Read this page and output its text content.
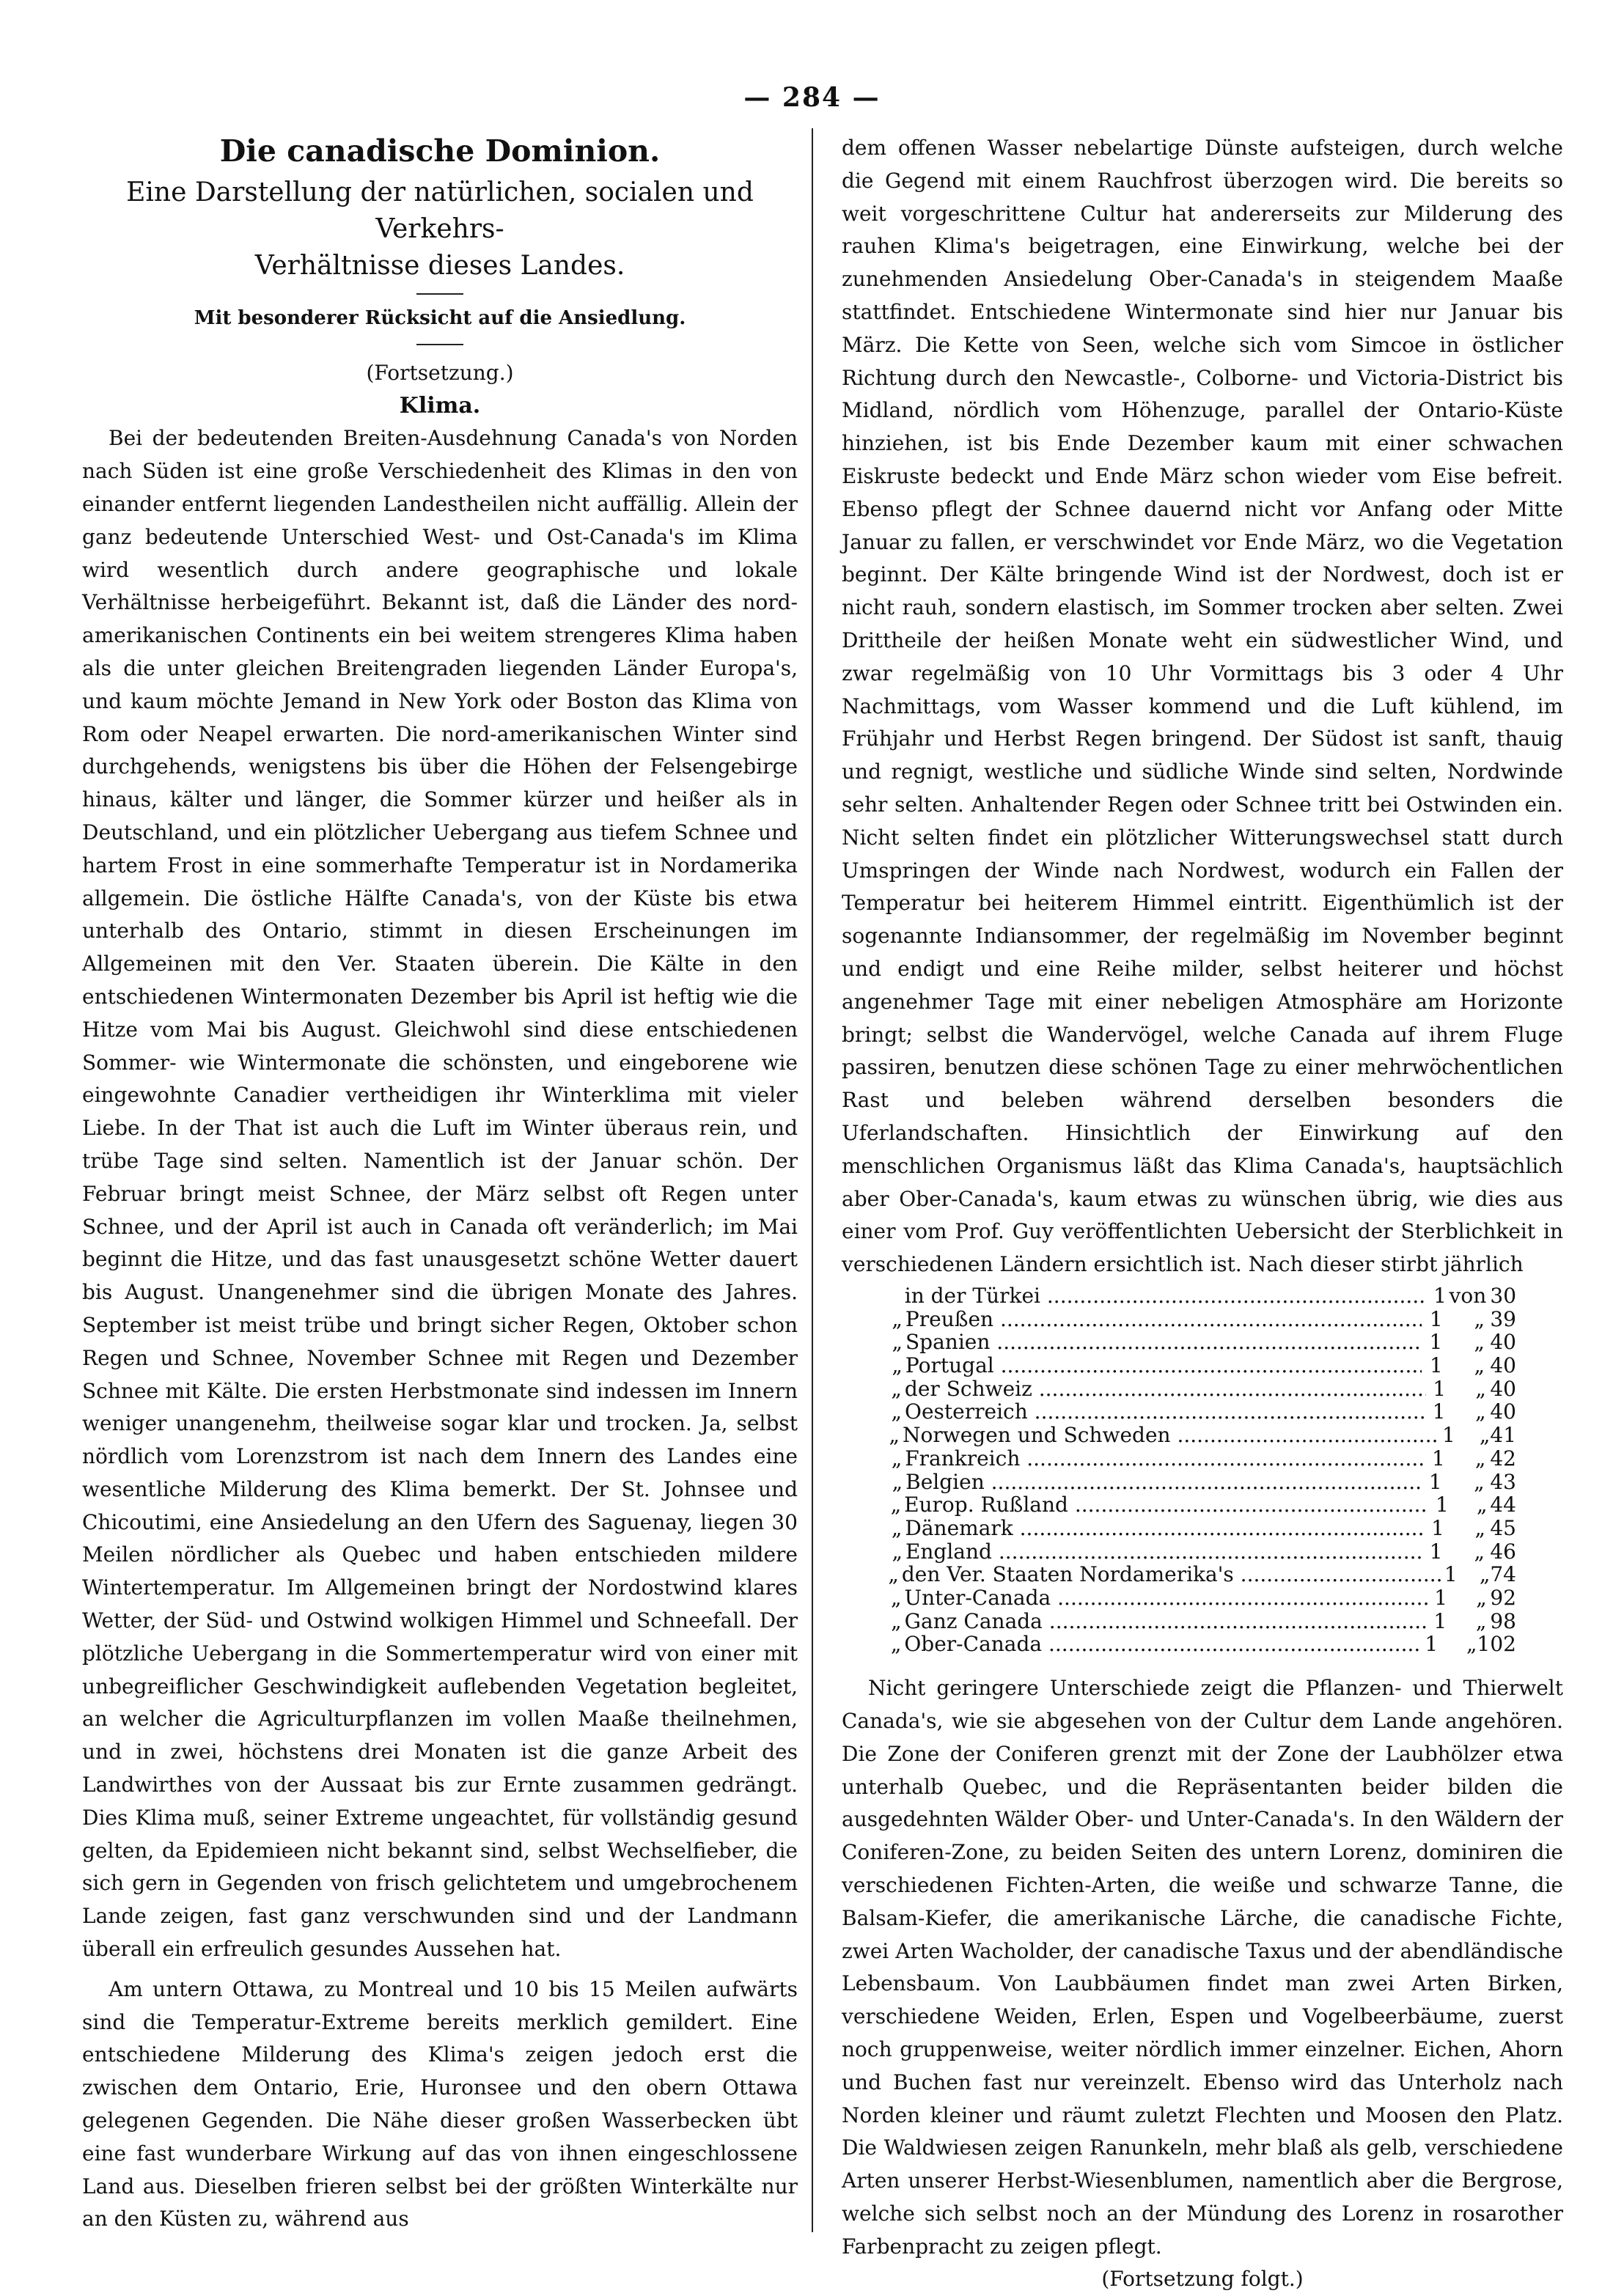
— 284 —
Die canadische Dominion.
Eine Darstellung der natürlichen, socialen und Verkehrs-
Verhältnisse dieses Landes.
Mit besonderer Rücksicht auf die Ansiedlung.
(Fortsetzung.)
Klima.

Bei der bedeutenden Breiten-Ausdehnung Canada's von Norden nach Süden ist eine große Verschiedenheit des Klimas in den von einander entfernt liegenden Landestheilen nicht auffällig. Allein der ganz bedeutende Unterschied West- und Ost-Canada's im Klima wird wesentlich durch andere geographische und lokale Verhältnisse herbeigeführt. Bekannt ist, daß die Länder des nord-amerikanischen Continents ein bei weitem strengeres Klima haben als die unter gleichen Breitengraden liegenden Länder Europa's, und kaum möchte Jemand in New York oder Boston das Klima von Rom oder Neapel erwarten. Die nord-amerikanischen Winter sind durchgehends, wenigstens bis über die Höhen der Felsengebirge hinaus, kälter und länger, die Sommer kürzer und heißer als in Deutschland, und ein plötzlicher Uebergang aus tiefem Schnee und hartem Frost in eine sommerhafte Temperatur ist in Nordamerika allgemein. Die östliche Hälfte Canada's, von der Küste bis etwa unterhalb des Ontario, stimmt in diesen Erscheinungen im Allgemeinen mit den Ver. Staaten überein. Die Kälte in den entschiedenen Wintermonaten Dezember bis April ist heftig wie die Hitze vom Mai bis August. Gleichwohl sind diese entschiedenen Sommer- wie Wintermonate die schönsten, und eingeborene wie eingewohnte Canadier vertheidigen ihr Winterklima mit vieler Liebe. In der That ist auch die Luft im Winter überaus rein, und trübe Tage sind selten. Namentlich ist der Januar schön. Der Februar bringt meist Schnee, der März selbst oft Regen unter Schnee, und der April ist auch in Canada oft veränderlich; im Mai beginnt die Hitze, und das fast unausgesetzt schöne Wetter dauert bis August. Unangenehmer sind die übrigen Monate des Jahres. September ist meist trübe und bringt sicher Regen, Oktober schon Regen und Schnee, November Schnee mit Regen und Dezember Schnee mit Kälte. Die ersten Herbstmonate sind indessen im Innern weniger unangenehm, theilweise sogar klar und trocken. Ja, selbst nördlich vom Lorenzstrom ist nach dem Innern des Landes eine wesentliche Milderung des Klima bemerkt. Der St. Johnsee und Chicoutimi, eine Ansiedelung an den Ufern des Saguenay, liegen 30 Meilen nördlicher als Quebec und haben entschieden mildere Wintertemperatur. Im Allgemeinen bringt der Nordostwind klares Wetter, der Süd- und Ostwind wolkigen Himmel und Schneefall. Der plötzliche Uebergang in die Sommertemperatur wird von einer mit unbegreiflicher Geschwindigkeit auflebenden Vegetation begleitet, an welcher die Agriculturpflanzen im vollen Maaße theilnehmen, und in zwei, höchstens drei Monaten ist die ganze Arbeit des Landwirthes von der Aussaat bis zur Ernte zusammen gedrängt. Dies Klima muß, seiner Extreme ungeachtet, für vollständig gesund gelten, da Epidemieen nicht bekannt sind, selbst Wechselfieber, die sich gern in Gegenden von frisch gelichtetem und umgebrochenem Lande zeigen, fast ganz verschwunden sind und der Landmann überall ein erfreulich gesundes Aussehen hat.

Am untern Ottawa, zu Montreal und 10 bis 15 Meilen aufwärts sind die Temperatur-Extreme bereits merklich gemildert. Eine entschiedene Milderung des Klima's zeigen jedoch erst die zwischen dem Ontario, Erie, Huronsee und den obern Ottawa gelegenen Gegenden. Die Nähe dieser großen Wasserbecken übt eine fast wunderbare Wirkung auf das von ihnen eingeschlossene Land aus. Dieselben frieren selbst bei der größten Winterkälte nur an den Küsten zu, während aus

dem offenen Wasser nebelartige Dünste aufsteigen, durch welche die Gegend mit einem Rauchfrost überzogen wird. Die bereits so weit vorgeschrittene Cultur hat andererseits zur Milderung des rauhen Klima's beigetragen, eine Einwirkung, welche bei der zunehmenden Ansiedelung Ober-Canada's in steigendem Maaße stattfindet. Entschiedene Wintermonate sind hier nur Januar bis März. Die Kette von Seen, welche sich vom Simcoe in östlicher Richtung durch den Newcastle-, Colborne- und Victoria-District bis Midland, nördlich vom Höhenzuge, parallel der Ontario-Küste hinziehen, ist bis Ende Dezember kaum mit einer schwachen Eiskruste bedeckt und Ende März schon wieder vom Eise befreit. Ebenso pflegt der Schnee dauernd nicht vor Anfang oder Mitte Januar zu fallen, er verschwindet vor Ende März, wo die Vegetation beginnt. Der Kälte bringende Wind ist der Nordwest, doch ist er nicht rauh, sondern elastisch, im Sommer trocken aber selten. Zwei Drittheile der heißen Monate weht ein südwestlicher Wind, und zwar regelmäßig von 10 Uhr Vormittags bis 3 oder 4 Uhr Nachmittags, vom Wasser kommend und die Luft kühlend, im Frühjahr und Herbst Regen bringend. Der Südost ist sanft, thauig und regnigt, westliche und südliche Winde sind selten, Nordwinde sehr selten. Anhaltender Regen oder Schnee tritt bei Ostwinden ein. Nicht selten findet ein plötzlicher Witterungswechsel statt durch Umspringen der Winde nach Nordwest, wodurch ein Fallen der Temperatur bei heiterem Himmel eintritt. Eigenthümlich ist der sogenannte Indiansommer, der regelmäßig im November beginnt und endigt und eine Reihe milder, selbst heiterer und höchst angenehmer Tage mit einer nebeligen Atmosphäre am Horizonte bringt; selbst die Wandervögel, welche Canada auf ihrem Fluge passiren, benutzen diese schönen Tage zu einer mehrwöchentlichen Rast und beleben während derselben besonders die Uferlandschaften. Hinsichtlich der Einwirkung auf den menschlichen Organismus läßt das Klima Canada's, hauptsächlich aber Ober-Canada's, kaum etwas zu wünschen übrig, wie dies aus einer vom Prof. Guy veröffentlichten Uebersicht der Sterblichkeit in verschiedenen Ländern ersichtlich ist. Nach dieser stirbt jährlich

in der Türkei .....	1 von 30
„ Preußen .....	1	„ 39
„ Spanien .....	1	„ 40
„ Portugal .....	1	„ 40
„ der Schweiz .....	1	„ 40
„ Oesterreich .....	1	„ 40
„ Norwegen und Schweden .....	1	„ 41
„ Frankreich .....	1	„ 42
„ Belgien .....	1	„ 43
„ Europ. Rußland .....	1	„ 44
„ Dänemark .....	1	„ 45
„ England .....	1	„ 46
„ den Ver. Staaten Nordamerika's .....	1	„ 74
„ Unter-Canada .....	1	„ 92
„ Ganz Canada .....	1	„ 98
„ Ober-Canada .....	1	„ 102

Nicht geringere Unterschiede zeigt die Pflanzen- und Thierwelt Canada's, wie sie abgesehen von der Cultur dem Lande angehören. Die Zone der Coniferen grenzt mit der Zone der Laubhölzer etwa unterhalb Quebec, und die Repräsentanten beider bilden die ausgedehnten Wälder Ober- und Unter-Canada's. In den Wäldern der Coniferen-Zone, zu beiden Seiten des untern Lorenz, dominiren die verschiedenen Fichten-Arten, die weiße und schwarze Tanne, die Balsam-Kiefer, die amerikanische Lärche, die canadische Fichte, zwei Arten Wacholder, der canadische Taxus und der abendländische Lebensbaum. Von Laubbäumen findet man zwei Arten Birken, verschiedene Weiden, Erlen, Espen und Vogelbeerbäume, zuerst noch gruppenweise, weiter nördlich immer einzelner. Eichen, Ahorn und Buchen fast nur vereinzelt. Ebenso wird das Unterholz nach Norden kleiner und räumt zuletzt Flechten und Moosen den Platz. Die Waldwiesen zeigen Ranunkeln, mehr blaß als gelb, verschiedene Arten unserer Herbst-Wiesenblumen, namentlich aber die Bergrose, welche sich selbst noch an der Mündung des Lorenz in rosarother Farbenpracht zu zeigen pflegt.

(Fortsetzung folgt.)
